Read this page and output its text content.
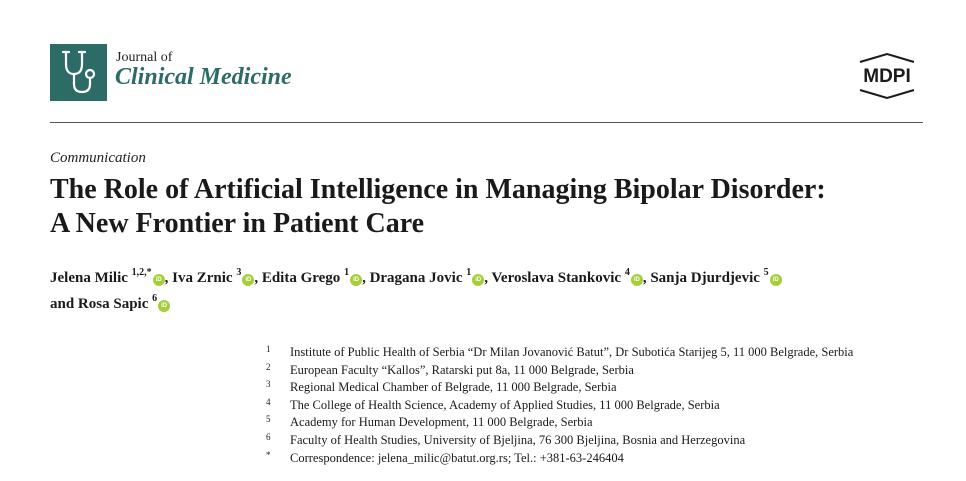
Journal of
Clinical Medicine	MDPI
Communication
The Role of Artificial Intelligence in Managing Bipolar Disorder:
A New Frontier in Patient Care
Jelena Milic $^{1,2,*}$iD , Iva Zrnic $^3$iD , Edita Grego $^1$iD , Dragana Jovic $^1$iD , Veroslava Stankovic $^4$iD , Sanja Djurdjevic $^5$iD
and Rosa Sapic $^6$iD
1	Institute of Public Health of Serbia “Dr Milan Jovanović Batut”, Dr Subotića Starijeg 5, 11 000 Belgrade, Serbia
2	European Faculty “Kallos”, Ratarski put 8a, 11 000 Belgrade, Serbia
3	Regional Medical Chamber of Belgrade, 11 000 Belgrade, Serbia
4	The College of Health Science, Academy of Applied Studies, 11 000 Belgrade, Serbia
5	Academy for Human Development, 11 000 Belgrade, Serbia
6	Faculty of Health Studies, University of Bjeljina, 76 300 Bjeljina, Bosnia and Herzegovina
*	Correspondence: jelena_milic@batut.org.rs; Tel.: +381-63-246404
